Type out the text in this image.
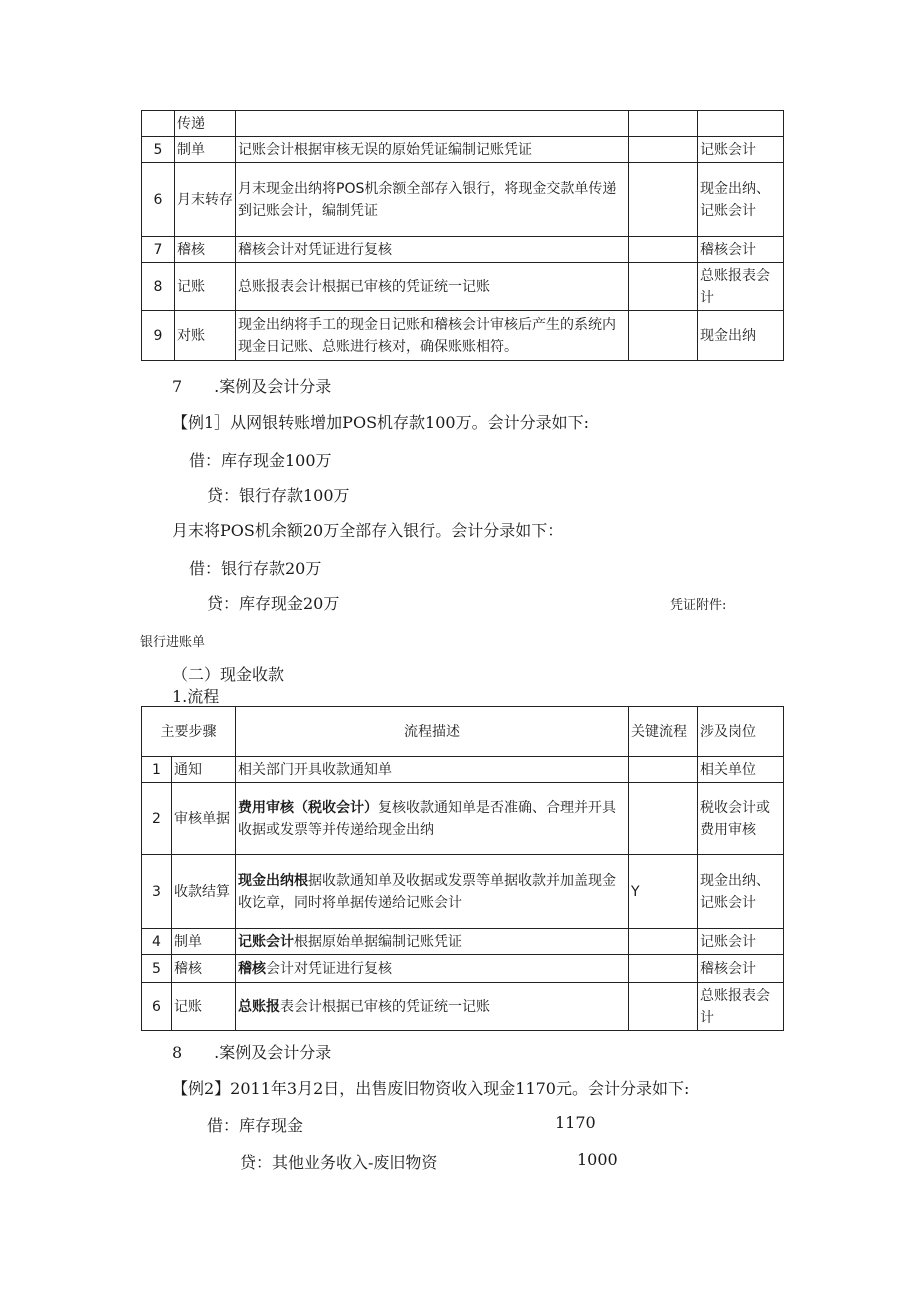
	传递			
5	制单	记账会计根据审核无误的原始凭证编制记账凭证		记账会计
6	月末转存	月末现金出纳将POS机余额全部存入银行，将现金交款单传递到记账会计，编制凭证		现金出纳、记账会计
7	稽核	稽核会计对凭证进行复核		稽核会计
8	记账	总账报表会计根据已审核的凭证统一记账		总账报表会计
9	对账	现金出纳将手工的现金日记账和稽核会计审核后产生的系统内现金日记账、总账进行核对，确保账账相符。		现金出纳
7　　.案例及会计分录
【例1］从网银转账增加POS机存款100万。会计分录如下:
借：库存现金100万
贷：银行存款100万
月末将POS机余额20万全部存入银行。会计分录如下：
借：银行存款20万
贷：库存现金20万	凭证附件:
银行进账单
（二）现金收款
1.流程
主要步骤		流程描述	关键流程	涉及岗位
1	通知	相关部门开具收款通知单		相关单位
2	审核单据	费用审核（税收会计）复核收款通知单是否准确、合理并开具收据或发票等并传递给现金出纳		税收会计或费用审核
3	收款结算	现金出纳根据收款通知单及收据或发票等单据收款并加盖现金收讫章，同时将单据传递给记账会计	Y	现金出纳、记账会计
4	制单	记账会计根据原始单据编制记账凭证		记账会计
5	稽核	稽核会计对凭证进行复核		稽核会计
6	记账	总账报表会计根据已审核的凭证统一记账		总账报表会计
8　　.案例及会计分录
【例2】2011年3月2日，出售废旧物资收入现金1170元。会计分录如下:
借：库存现金	1170
贷：其他业务收入-废旧物资	1000
